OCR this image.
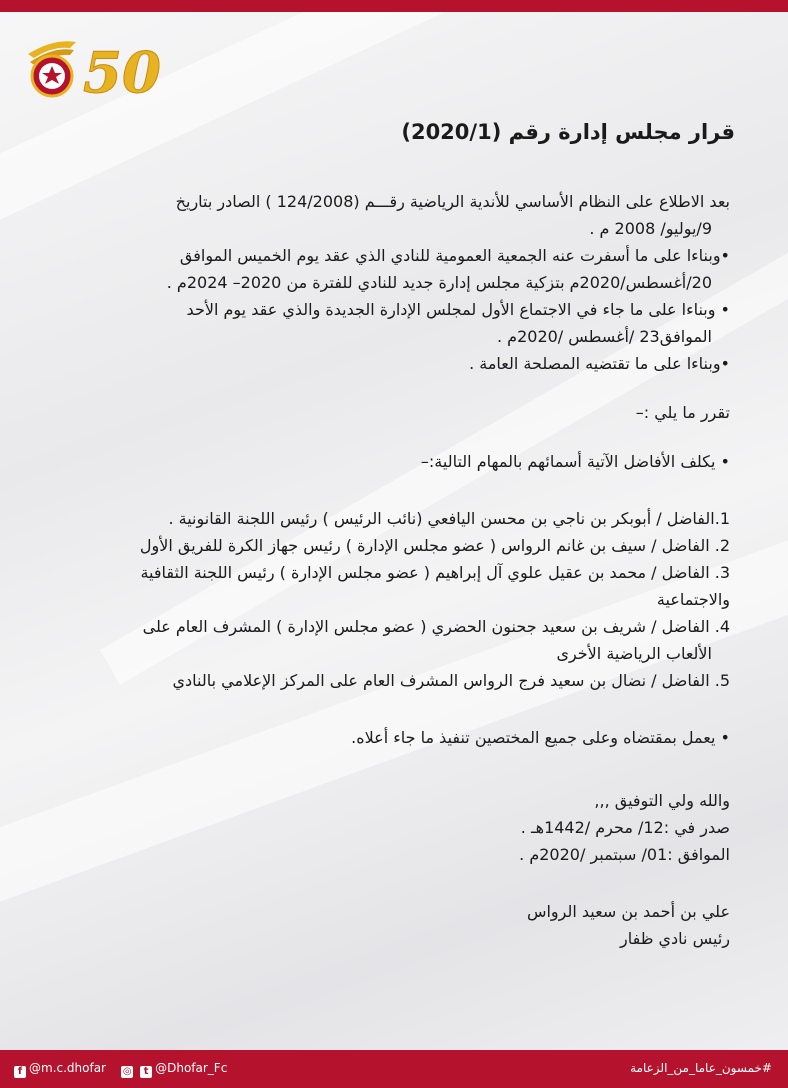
50
قرار مجلس إدارة رقم (2020/1)

بعد الاطلاع على النظام الأساسي للأندية الرياضية رقـــم (124/2008 ) الصادر بتاريخ

9/يوليو/ 2008 م .

•وبناءا على ما أسفرت عنه الجمعية العمومية للنادي الذي عقد يوم الخميس الموافق

20/أغسطس/2020م بتزكية مجلس إدارة جديد للنادي للفترة من 2020– 2024م .

• وبناءا على ما جاء في الاجتماع الأول لمجلس الإدارة الجديدة والذي عقد يوم الأحد

الموافق23 /أغسطس /2020م .

•وبناءا على ما تقتضيه المصلحة العامة .

تقرر ما يلي :–

• يكلف الأفاضل الآتية أسمائهم بالمهام التالية:–

1.الفاضل / أبوبكر بن ناجي بن محسن اليافعي (نائب الرئيس ) رئيس اللجنة القانونية .

2. الفاضل / سيف بن غانم الرواس ( عضو مجلس الإدارة ) رئيس جهاز الكرة للفريق الأول

3. الفاضل / محمد بن عقيل علوي آل إبراهيم ( عضو مجلس الإدارة ) رئيس اللجنة الثقافية

والاجتماعية

4. الفاضل / شريف بن سعيد جحنون الحضري ( عضو مجلس الإدارة ) المشرف العام على

الألعاب الرياضية الأخرى

5. الفاضل / نضال بن سعيد فرج الرواس المشرف العام على المركز الإعلامي بالنادي

• يعمل بمقتضاه وعلى جميع المختصين تنفيذ ما جاء أعلاه.

والله ولي التوفيق ,,,

صدر في :12/ محرم /1442هـ .

الموافق :01/ سبتمبر /2020م .

علي بن أحمد بن سعيد الرواس

رئيس نادي ظفار

f @m.c.dhofar ◎ t @Dhofar_Fc	#خمسون_عاما_من_الزعامة
